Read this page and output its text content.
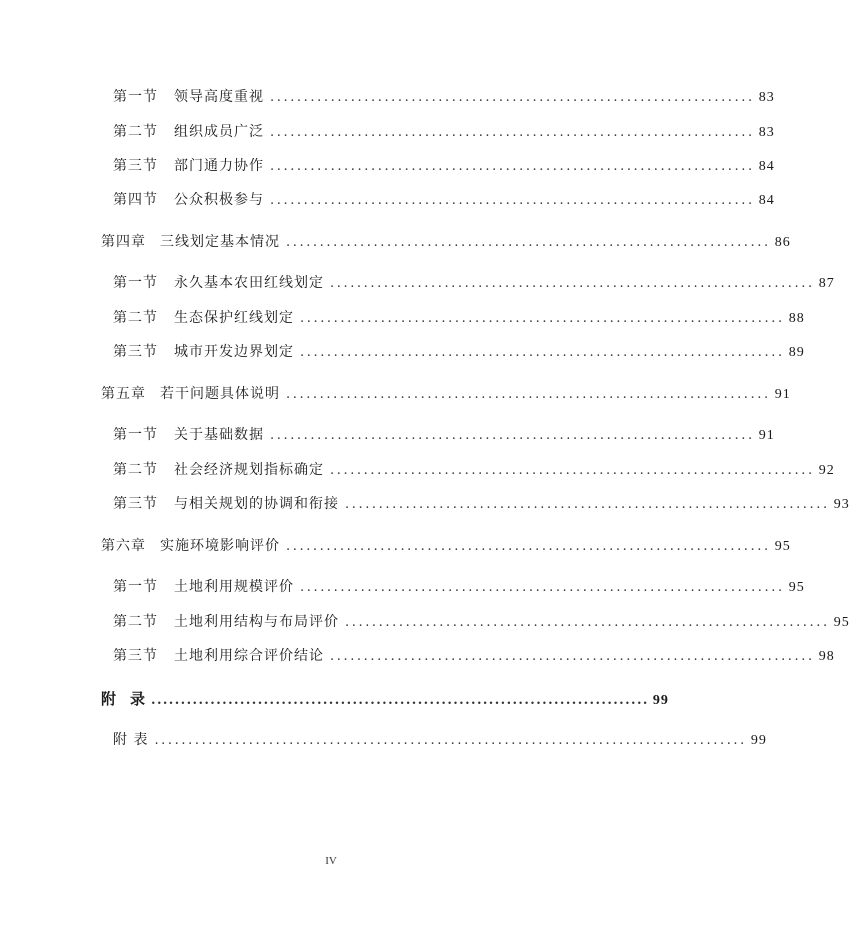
第一节 领导高度重视 ........................................................................ 83
第二节 组织成员广泛 ........................................................................ 83
第三节 部门通力协作 ........................................................................ 84
第四节 公众积极参与 ........................................................................ 84
第四章 三线划定基本情况 ........................................................................ 86
第一节 永久基本农田红线划定 ........................................................................ 87
第二节 生态保护红线划定 ........................................................................ 88
第三节 城市开发边界划定 ........................................................................ 89
第五章 若干问题具体说明 ........................................................................ 91
第一节 关于基础数据 ........................................................................ 91
第二节 社会经济规划指标确定 ........................................................................ 92
第三节 与相关规划的协调和衔接 ........................................................................ 93
第六章 实施环境影响评价 ........................................................................ 95
第一节 土地利用规模评价 ........................................................................ 95
第二节 土地利用结构与布局评价 ........................................................................ 95
第三节 土地利用综合评价结论 ........................................................................ 98
附 录 .................................................................................... 99
附 表 ........................................................................................ 99
IV
